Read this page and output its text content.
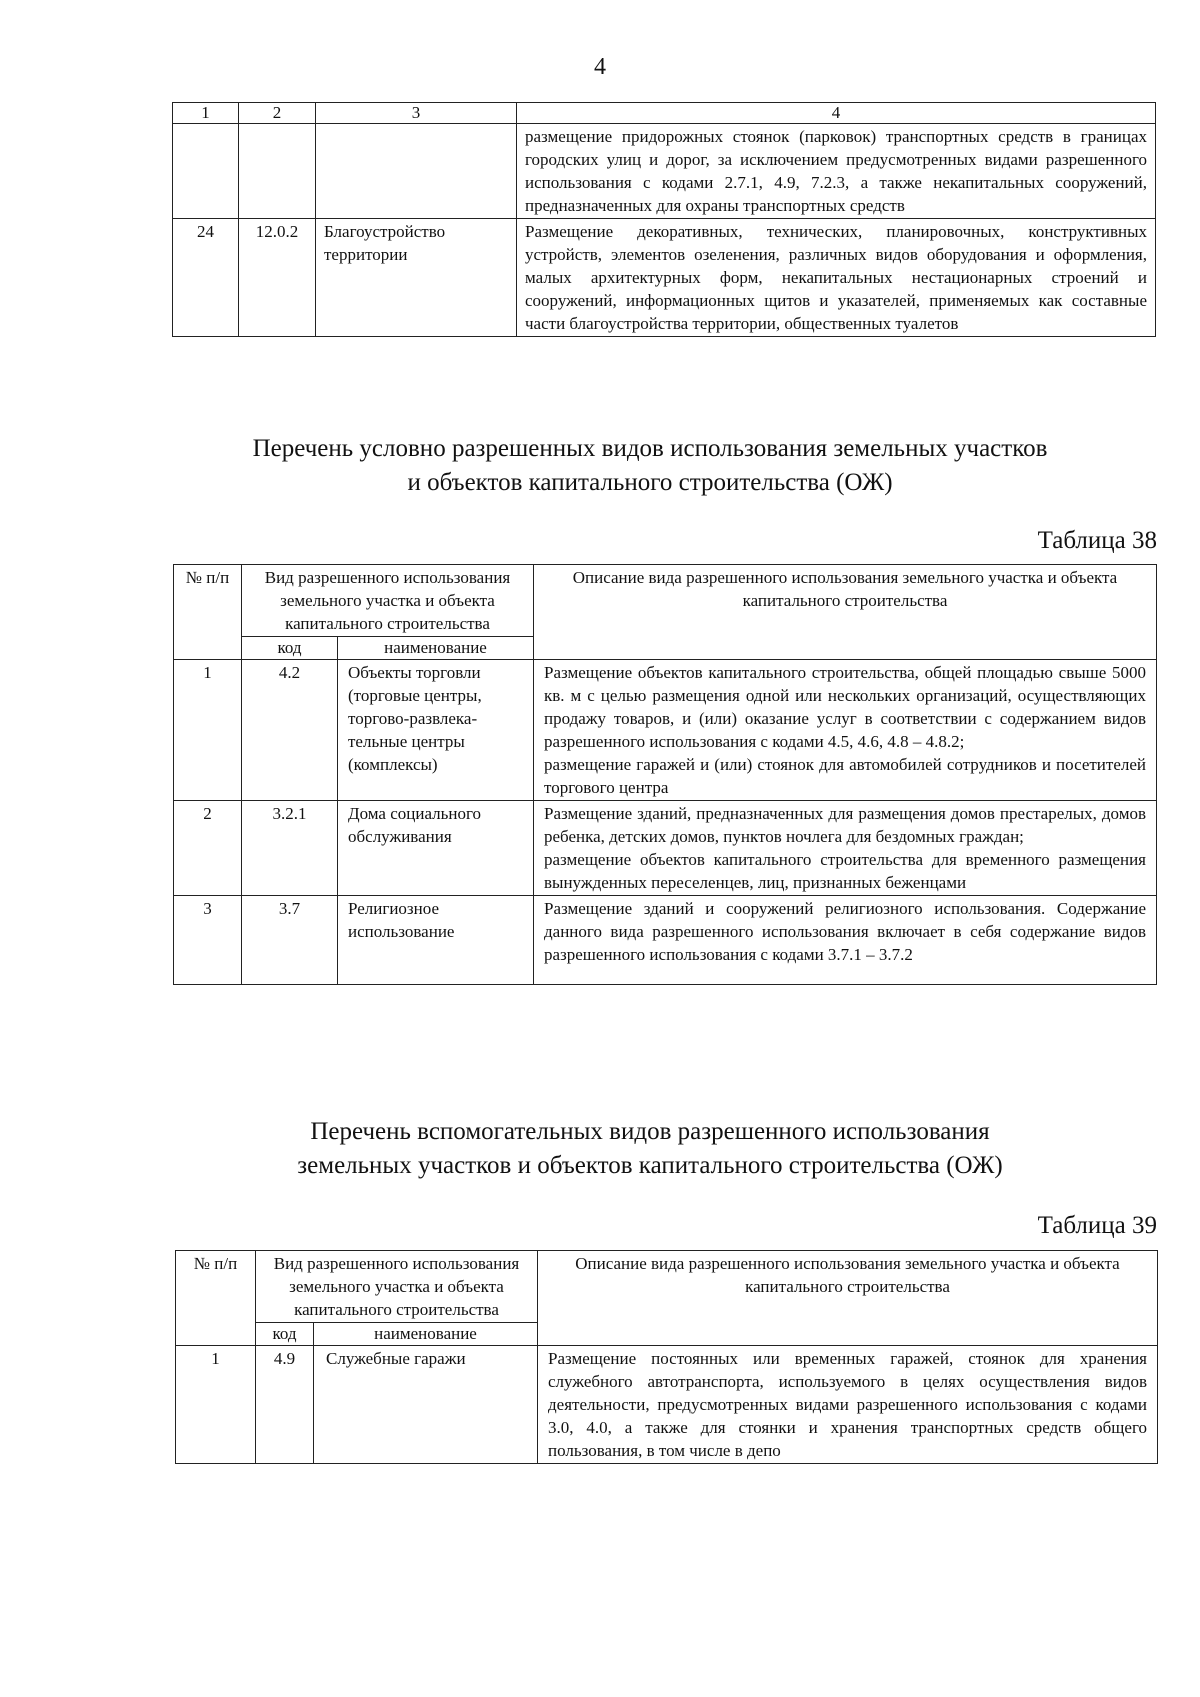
4
1	2	3	4
			размещение придорожных стоянок (парковок) транспортных средств в границах городских улиц и дорог, за исключением предусмотренных видами разрешенного использования с кодами 2.7.1, 4.9, 7.2.3, а также некапитальных сооружений, предназначенных для охраны транспортных средств
24	12.0.2	Благоустройство территории	Размещение декоративных, технических, планировочных, конструктивных устройств, элементов озеленения, различных видов оборудования и оформления, малых архитектурных форм, некапитальных нестационарных строений и сооружений, информационных щитов и указателей, применяемых как составные части благоустройства территории, общественных туалетов
Перечень условно разрешенных видов использования земельных участков
и объектов капитального строительства (ОЖ)
Таблица 38
№ п/п	Вид разрешенного использования земельного участка и объекта капитального строительства		Описание вида разрешенного использования земельного участка и объекта капитального строительства
	код	наименование	
1	4.2	Объекты торговли (торговые центры, торгово-развлека-тельные центры (комплексы)	Размещение объектов капитального строительства, общей площадью свыше 5000 кв. м с целью размещения одной или нескольких организаций, осуществляющих продажу товаров, и (или) оказание услуг в соответствии с содержанием видов разрешенного использования с кодами 4.5, 4.6, 4.8 – 4.8.2;

размещение гаражей и (или) стоянок для автомобилей сотрудников и посетителей торгового центра

2	3.2.1	Дома социального обслуживания	Размещение зданий, предназначенных для размещения домов престарелых, домов ребенка, детских домов, пунктов ночлега для бездомных граждан;

размещение объектов капитального строительства для временного размещения вынужденных переселенцев, лиц, признанных беженцами

3	3.7	Религиозное использование	Размещение зданий и сооружений религиозного использования. Содержание данного вида разрешенного использования включает в себя содержание видов разрешенного использования с кодами 3.7.1 – 3.7.2

Перечень вспомогательных видов разрешенного использования
земельных участков и объектов капитального строительства (ОЖ)
Таблица 39
№ п/п	Вид разрешенного использования земельного участка и объекта капитального строительства		Описание вида разрешенного использования земельного участка и объекта капитального строительства
	код	наименование	
1	4.9	Служебные гаражи	Размещение постоянных или временных гаражей, стоянок для хранения служебного автотранспорта, используемого в целях осуществления видов деятельности, предусмотренных видами разрешенного использования с кодами 3.0, 4.0, а также для стоянки и хранения транспортных средств общего пользования, в том числе в депо
